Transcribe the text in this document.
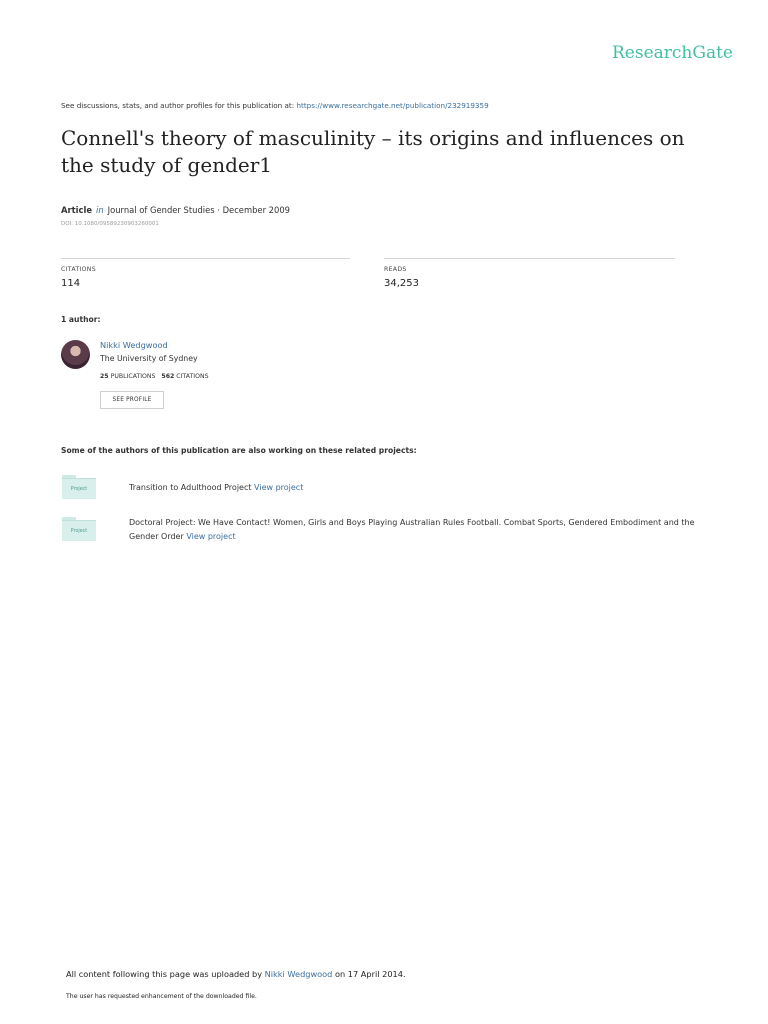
ResearchGate
See discussions, stats, and author profiles for this publication at: https://www.researchgate.net/publication/232919359
Connell's theory of masculinity – its origins and influences on the study of gender1
Article in Journal of Gender Studies · December 2009
DOI: 10.1080/09589230903260001
CITATIONS
114
READS
34,253
1 author:
Nikki Wedgwood
The University of Sydney
25 PUBLICATIONS 562 CITATIONS
SEE PROFILE
Some of the authors of this publication are also working on these related projects:
Project	Transition to Adulthood Project View project
Project
Doctoral Project: We Have Contact! Women, Girls and Boys Playing Australian Rules Football. Combat Sports, Gendered Embodiment and the Gender Order View project
All content following this page was uploaded by Nikki Wedgwood on 17 April 2014.
The user has requested enhancement of the downloaded file.
